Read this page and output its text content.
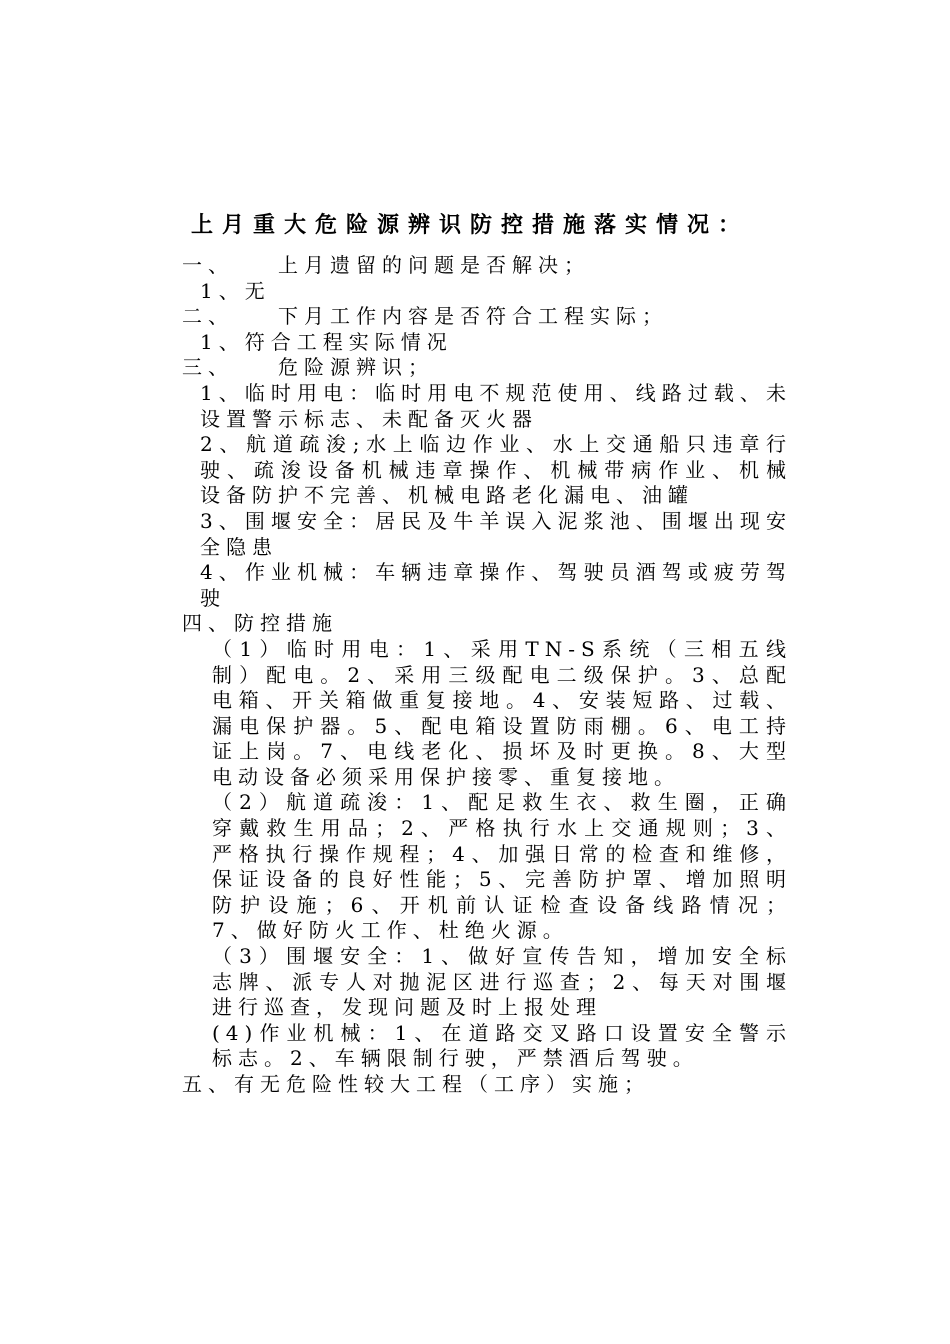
上月重大危险源辨识防控措施落实情况：

一、 上月遗留的问题是否解决；

1、无

二、 下月工作内容是否符合工程实际；

1、符合工程实际情况

三、 危险源辨识；

1、临时用电：临时用电不规范使用、线路过载、未设置警示标志、未配备灭火器

2、航道疏浚;水上临边作业、水上交通船只违章行驶、疏浚设备机械违章操作、机械带病作业、机械设备防护不完善、机械电路老化漏电、油罐

3、围堰安全：居民及牛羊误入泥浆池、围堰出现安全隐患

4、作业机械：车辆违章操作、驾驶员酒驾或疲劳驾驶

四、防控措施

（1）临时用电：1、采用TN-S系统（三相五线制）配电。2、采用三级配电二级保护。3、总配电箱、开关箱做重复接地。4、安装短路、过载、漏电保护器。5、配电箱设置防雨棚。6、电工持证上岗。7、电线老化、损坏及时更换。8、大型电动设备必须采用保护接零、重复接地。

（2）航道疏浚：1、配足救生衣、救生圈，正确穿戴救生用品；2、严格执行水上交通规则；3、严格执行操作规程；4、加强日常的检查和维修，保证设备的良好性能；5、完善防护罩、增加照明防护设施；6、开机前认证检查设备线路情况；7、做好防火工作、杜绝火源。

（3）围堰安全：1、做好宣传告知，增加安全标志牌、派专人对抛泥区进行巡查；2、每天对围堰进行巡查，发现问题及时上报处理

(4)作业机械：1、在道路交叉路口设置安全警示标志。2、车辆限制行驶，严禁酒后驾驶。

五、有无危险性较大工程（工序）实施；
